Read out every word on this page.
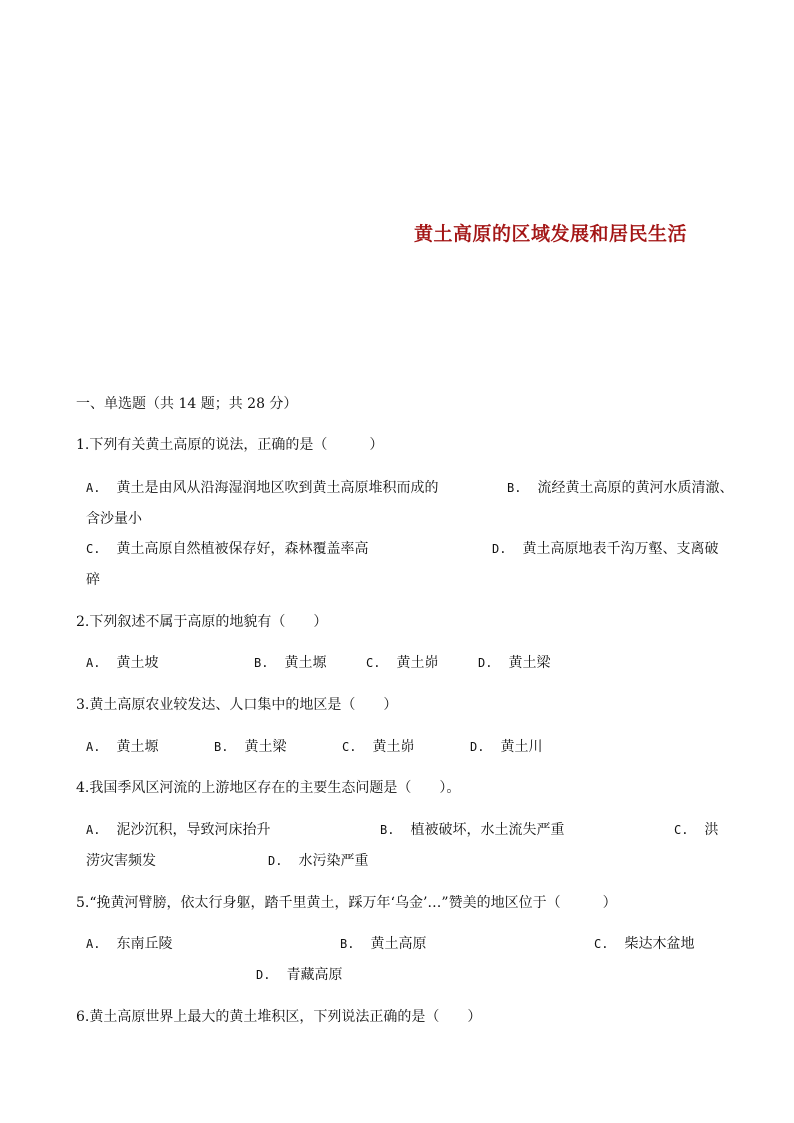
黄土高原的区域发展和居民生活
一、单选题（共 14 题；共 28 分）
1.下列有关黄土高原的说法，正确的是（　　　）
A. 黄土是由风从沿海湿润地区吹到黄土高原堆积而成的	B. 流经黄土高原的黄河水质清澈、
含沙量小
C. 黄土高原自然植被保存好，森林覆盖率高	D. 黄土高原地表千沟万壑、支离破
碎
2.下列叙述不属于高原的地貌有（　　）
A. 黄土坡	B. 黄土塬	C. 黄土峁	D. 黄土梁
3.黄土高原农业较发达、人口集中的地区是（　　）
A. 黄土塬	B. 黄土梁	C. 黄土峁	D. 黄土川
4.我国季风区河流的上游地区存在的主要生态问题是（　　）。
A. 泥沙沉积，导致河床抬升	B. 植被破坏，水土流失严重	C. 洪
涝灾害频发	D. 水污染严重
5.“挽黄河臂膀，依太行身躯，踏千里黄土，踩万年‘乌金’…”赞美的地区位于（　　　）
A. 东南丘陵	B. 黄土高原	C. 柴达木盆地
D. 青藏高原
6.黄土高原世界上最大的黄土堆积区，下列说法正确的是（　　）
